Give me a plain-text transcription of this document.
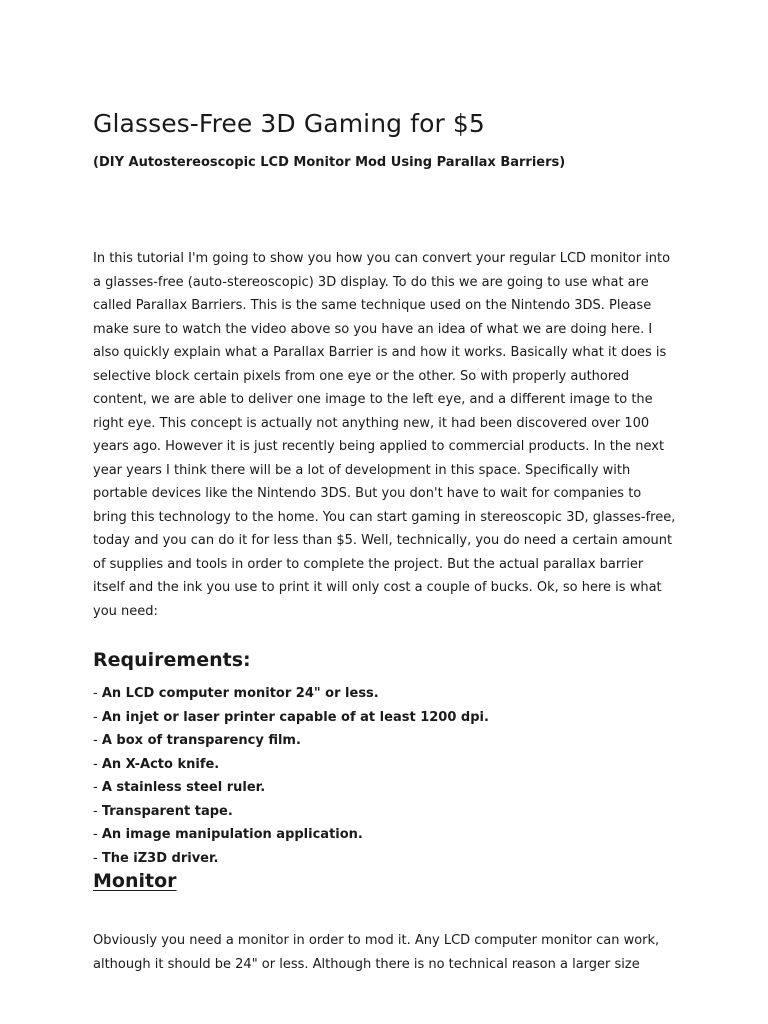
Glasses-Free 3D Gaming for $5
(DIY Autostereoscopic LCD Monitor Mod Using Parallax Barriers)

In this tutorial I'm going to show you how you can convert your regular LCD monitor into
a glasses-free (auto-stereoscopic) 3D display. To do this we are going to use what are
called Parallax Barriers. This is the same technique used on the Nintendo 3DS. Please
make sure to watch the video above so you have an idea of what we are doing here. I
also quickly explain what a Parallax Barrier is and how it works. Basically what it does is
selective block certain pixels from one eye or the other. So with properly authored
content, we are able to deliver one image to the left eye, and a different image to the
right eye. This concept is actually not anything new, it had been discovered over 100
years ago. However it is just recently being applied to commercial products. In the next
year years I think there will be a lot of development in this space. Specifically with
portable devices like the Nintendo 3DS. But you don't have to wait for companies to
bring this technology to the home. You can start gaming in stereoscopic 3D, glasses-free,
today and you can do it for less than $5. Well, technically, you do need a certain amount
of supplies and tools in order to complete the project. But the actual parallax barrier
itself and the ink you use to print it will only cost a couple of bucks. Ok, so here is what
you need:

Requirements:
- An LCD computer monitor 24" or less.
- An injet or laser printer capable of at least 1200 dpi.
- A box of transparency film.
- An X-Acto knife.
- A stainless steel ruler.
- Transparent tape.
- An image manipulation application.
- The iZ3D driver.
Monitor

Obviously you need a monitor in order to mod it. Any LCD computer monitor can work,
although it should be 24" or less. Although there is no technical reason a larger size
